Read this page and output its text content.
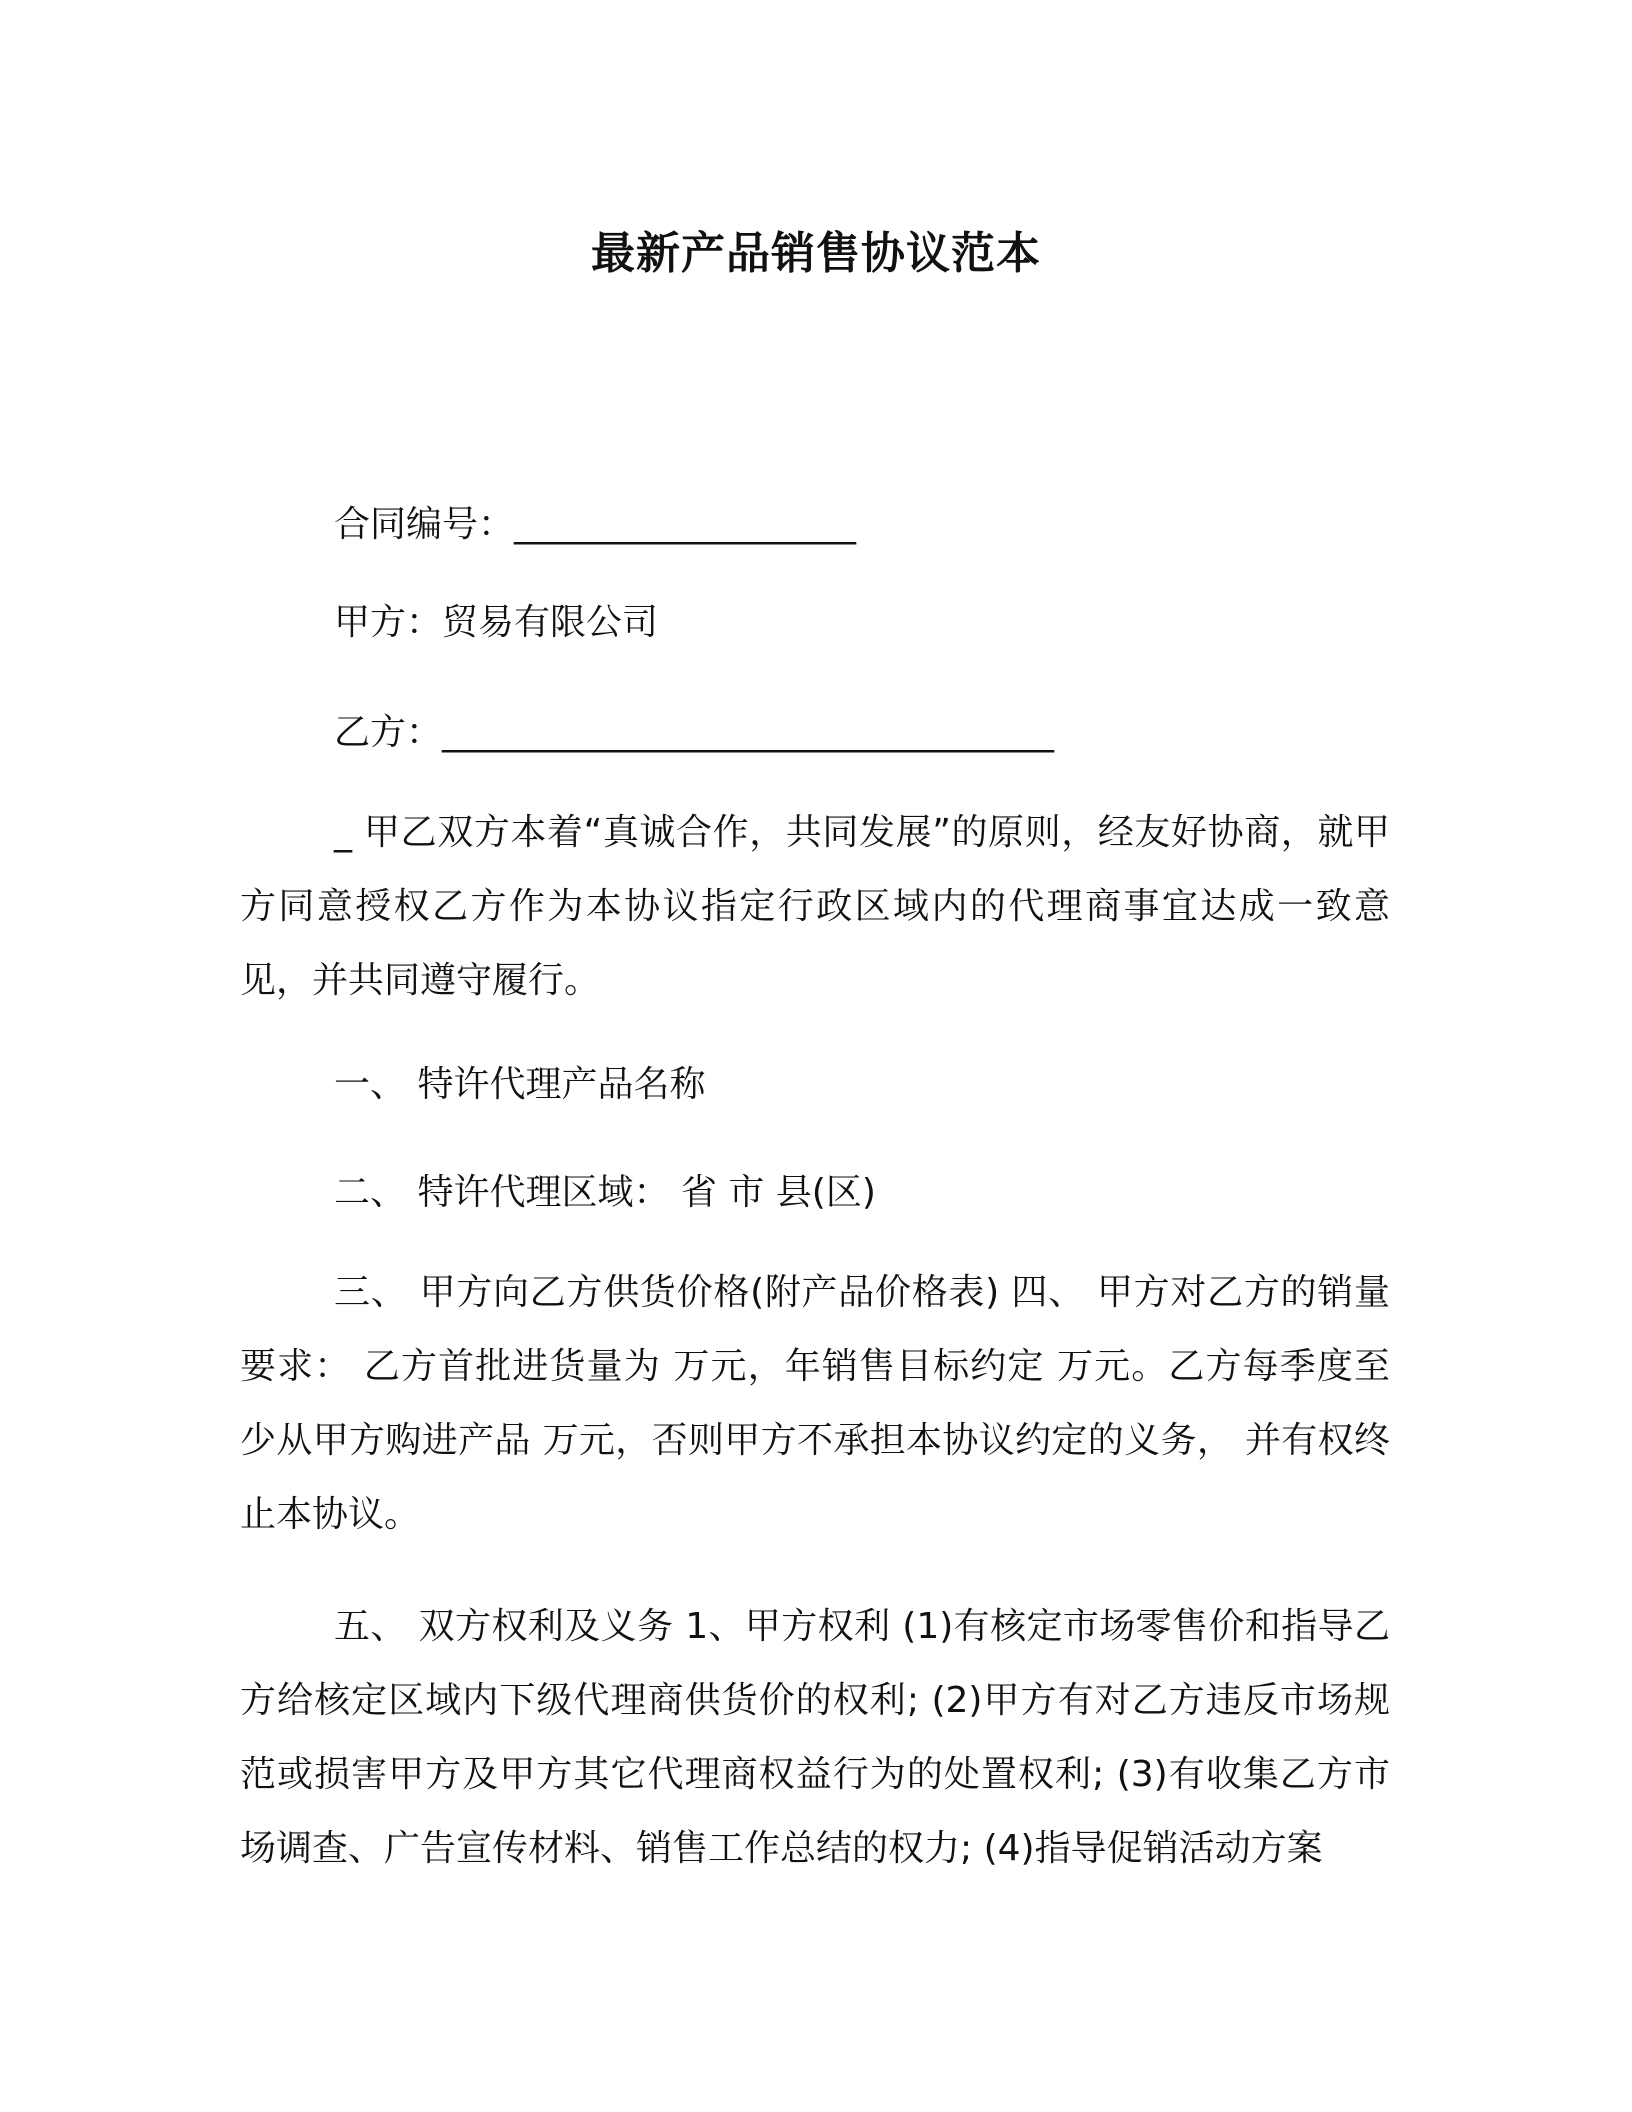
最新产品销售协议范本
合同编号：___________________
甲方：贸易有限公司
乙方：__________________________________

_ 甲乙双方本着“真诚合作，共同发展”的原则，经友好协商，就甲方同意授权乙方作为本协议指定行政区域内的代理商事宜达成一致意见，并共同遵守履行。

一、 特许代理产品名称
二、 特许代理区域： 省 市 县(区)

三、 甲方向乙方供货价格(附产品价格表) 四、 甲方对乙方的销量要求： 乙方首批进货量为 万元，年销售目标约定 万元。乙方每季度至少从甲方购进产品 万元，否则甲方不承担本协议约定的义务， 并有权终止本协议。

五、 双方权利及义务 1、甲方权利 (1)有核定市场零售价和指导乙方给核定区域内下级代理商供货价的权利; (2)甲方有对乙方违反市场规范或损害甲方及甲方其它代理商权益行为的处置权利; (3)有收集乙方市场调查、广告宣传材料、销售工作总结的权力; (4)指导促销活动方案
